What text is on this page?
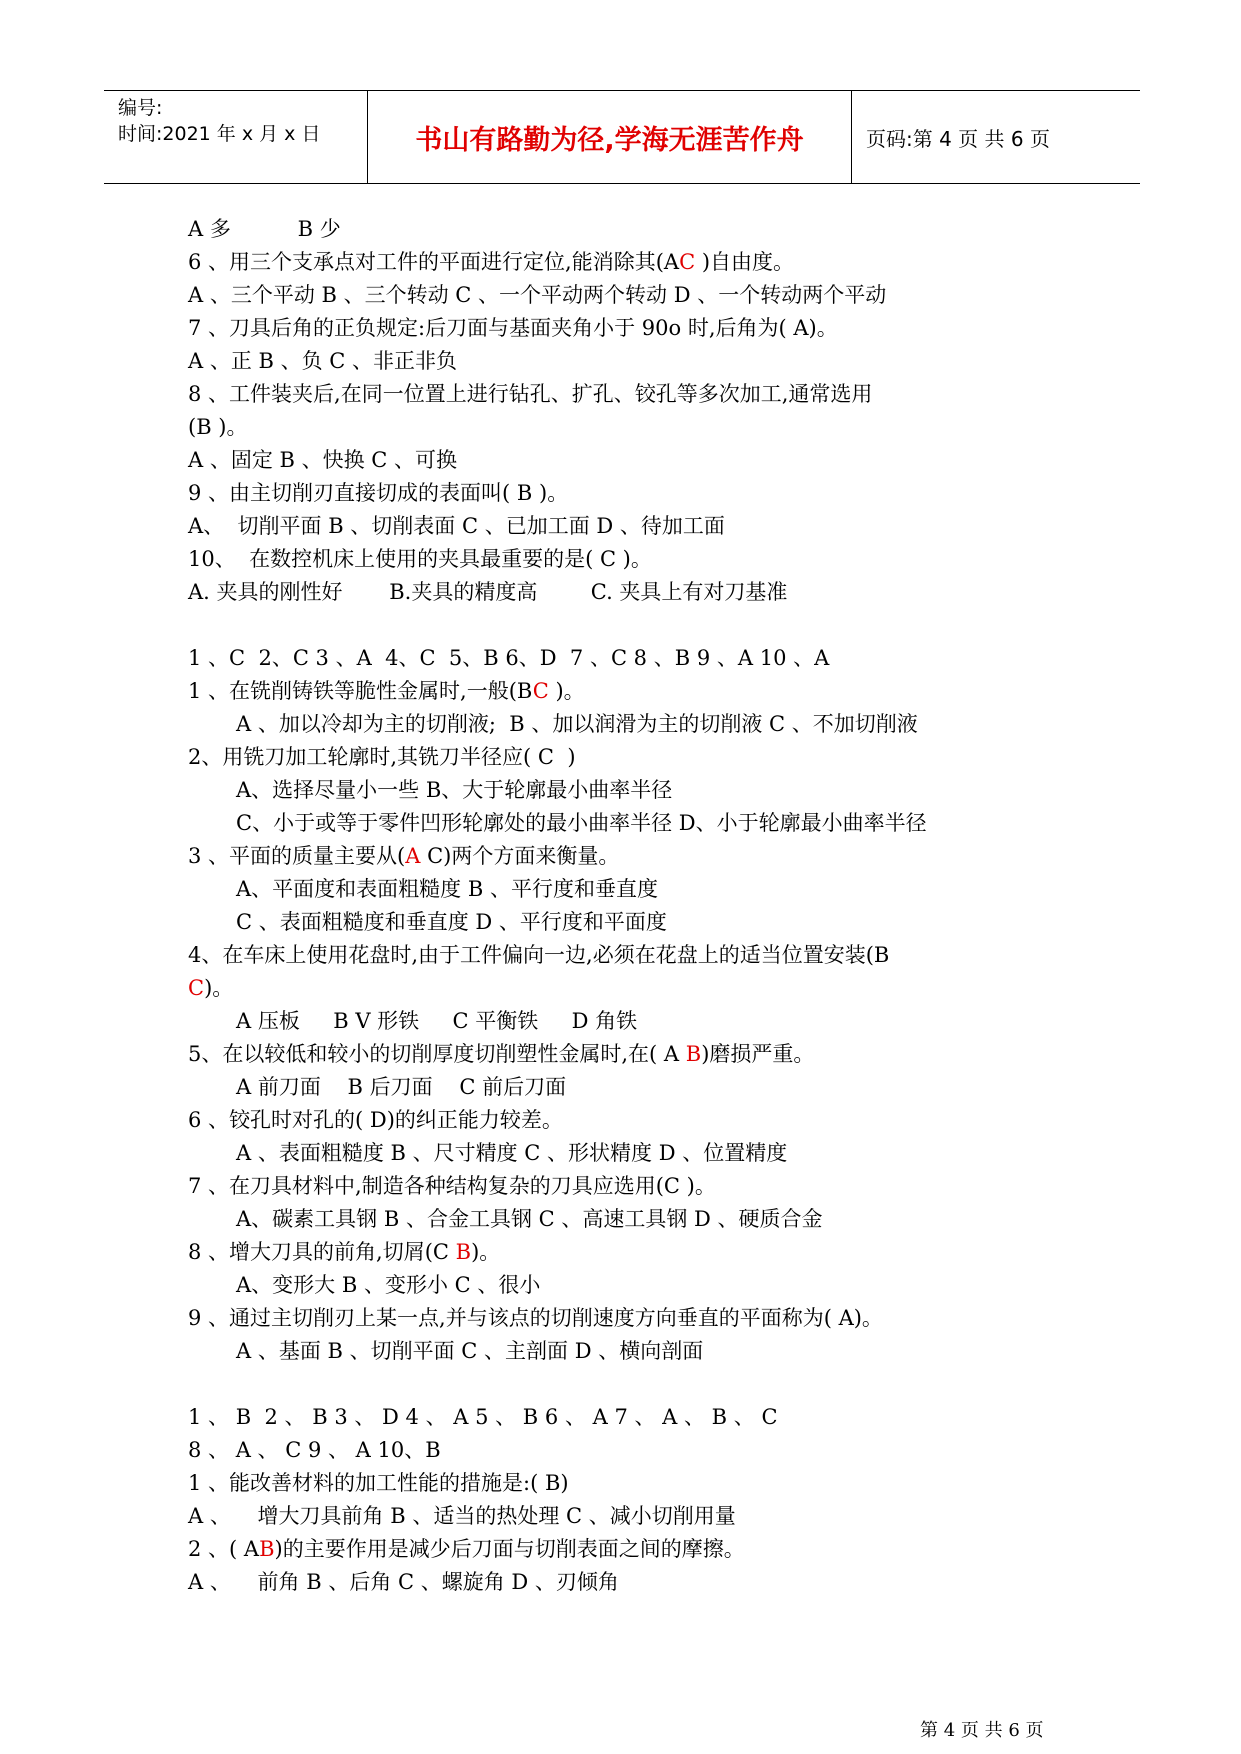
编号:
时间:2021 年 x 月 x 日	书山有路勤为径,学海无涯苦作舟	页码:第 4 页 共 6 页
A 多          B 少
6 、用三个支承点对工件的平面进行定位,能消除其(AC )自由度。
A 、三个平动 B 、三个转动 C 、一个平动两个转动 D 、一个转动两个平动
7 、刀具后角的正负规定:后刀面与基面夹角小于 90o 时,后角为( A)。
A 、正 B 、负 C 、非正非负
8 、工件装夹后,在同一位置上进行钻孔、扩孔、铰孔等多次加工,通常选用
(B )。
A 、固定 B 、快换 C 、可换
9 、由主切削刃直接切成的表面叫( B )。
A、  切削平面 B 、切削表面 C 、已加工面 D 、待加工面
10、  在数控机床上使用的夹具最重要的是( C )。
A. 夹具的刚性好       B.夹具的精度高        C. 夹具上有对刀基准
1 、C  2、C 3 、A  4、C  5、B 6、D  7 、C 8 、B 9 、A 10 、A
1 、在铣削铸铁等脆性金属时,一般(BC )。
A 、加以冷却为主的切削液;  B 、加以润滑为主的切削液 C 、不加切削液
2、用铣刀加工轮廓时,其铣刀半径应( C  )
A、选择尽量小一些 B、大于轮廓最小曲率半径
C、小于或等于零件凹形轮廓处的最小曲率半径 D、小于轮廓最小曲率半径
3 、平面的质量主要从(A C)两个方面来衡量。
A、平面度和表面粗糙度 B 、平行度和垂直度
C 、表面粗糙度和垂直度 D 、平行度和平面度
4、在车床上使用花盘时,由于工件偏向一边,必须在花盘上的适当位置安装(B
C)。
A 压板     B V 形铁     C 平衡铁     D 角铁
5、在以较低和较小的切削厚度切削塑性金属时,在( A B)磨损严重。
A 前刀面    B 后刀面    C 前后刀面
6 、铰孔时对孔的( D)的纠正能力较差。
A 、表面粗糙度 B 、尺寸精度 C 、形状精度 D 、位置精度
7 、在刀具材料中,制造各种结构复杂的刀具应选用(C )。
A、碳素工具钢 B 、合金工具钢 C 、高速工具钢 D 、硬质合金
8 、增大刀具的前角,切屑(C B)。
A、变形大 B 、变形小 C 、很小
9 、通过主切削刃上某一点,并与该点的切削速度方向垂直的平面称为( A)。
A 、基面 B 、切削平面 C 、主剖面 D 、横向剖面
1 、 B  2 、 B 3 、 D 4 、 A 5 、 B 6 、 A 7 、 A 、 B 、 C
8 、 A 、 C 9 、 A 10、B
1 、能改善材料的加工性能的措施是:( B)
A 、    增大刀具前角 B 、适当的热处理 C 、减小切削用量
2 、( AB)的主要作用是减少后刀面与切削表面之间的摩擦。
A 、    前角 B 、后角 C 、螺旋角 D 、刃倾角
第 4 页 共 6 页
